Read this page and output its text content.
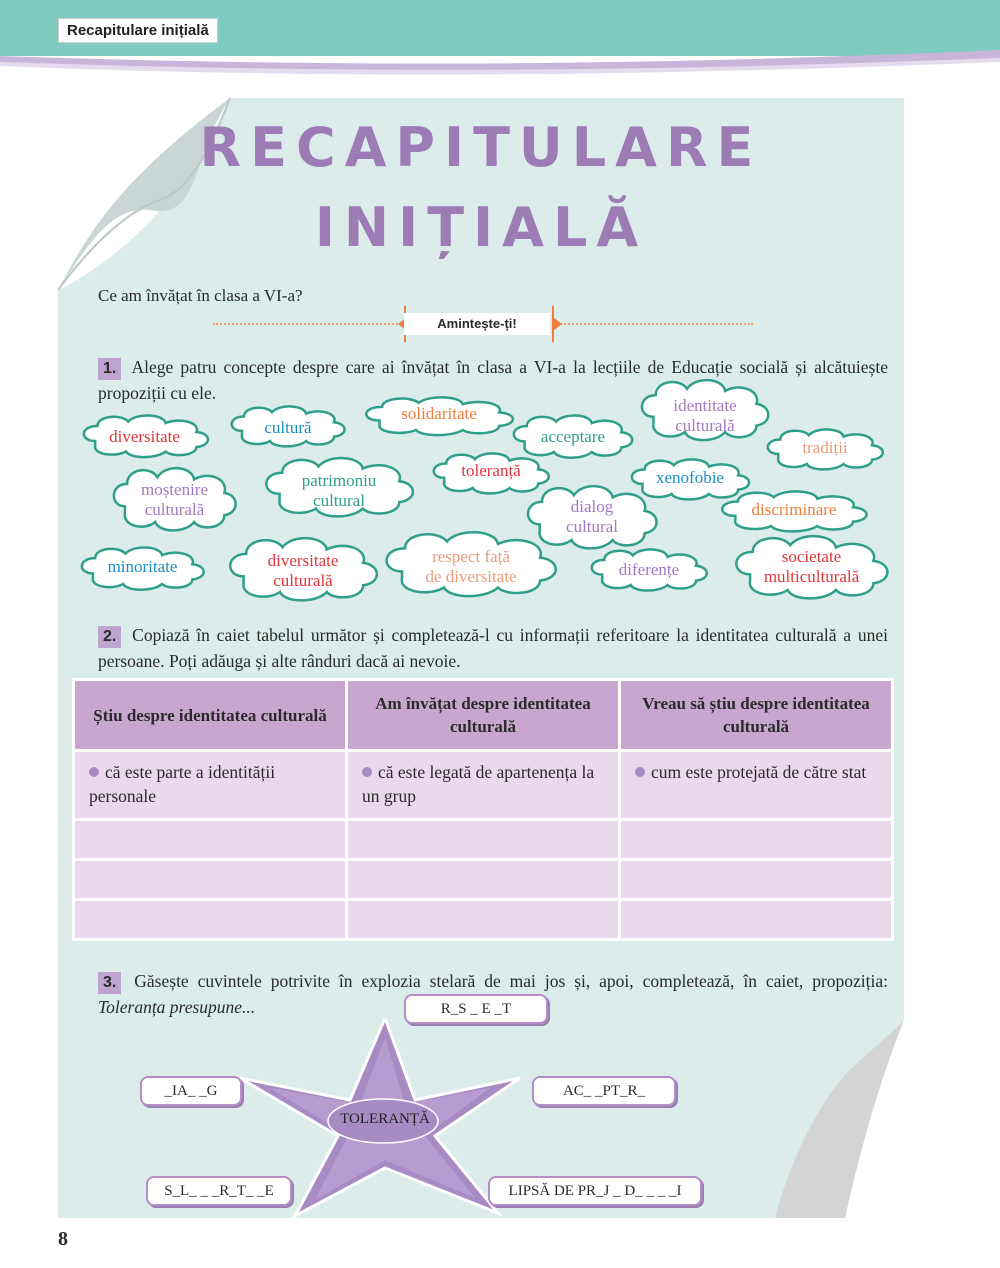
Recapitulare inițială
RECAPITULARE
INIȚIALĂ
Ce am învățat în clasa a VI-a?
Amintește-ți!
1. Alege patru concepte despre care ai învățat în clasa a VI-a la lecțiile de Educație socială și alcătuiește propoziții cu ele.
diversitate	cultură
solidaritate
acceptare
identitate
culturală
tradiții
moștenire
culturală
patrimoniu
cultural
toleranță	xenofobie
dialog
cultural
discriminare
minoritate	diversitate
culturală
respect față
de diversitate	diferențe
societate
multiculturală
2. Copiază în caiet tabelul următor și completează-l cu informații referitoare la identitatea culturală a unei persoane. Poți adăuga și alte rânduri dacă ai nevoie.
Știu despre identitatea culturală	Am învățat despre identitatea culturală	Vreau să știu despre identitatea culturală
că este parte a identității personale	că este legată de apartenența la un grup	cum este protejată de către stat

3. Găsește cuvintele potrivite în explozia stelară de mai jos și, apoi, completează, în caiet, propoziția: Toleranța presupune...
TOLERANȚĂ
R_S _ E _T
_IA_ _G	AC_ _PT_R_
S_L_ _ _R_T_ _E	LIPSĂ DE PR_J _ D_ _ _ _I
8
